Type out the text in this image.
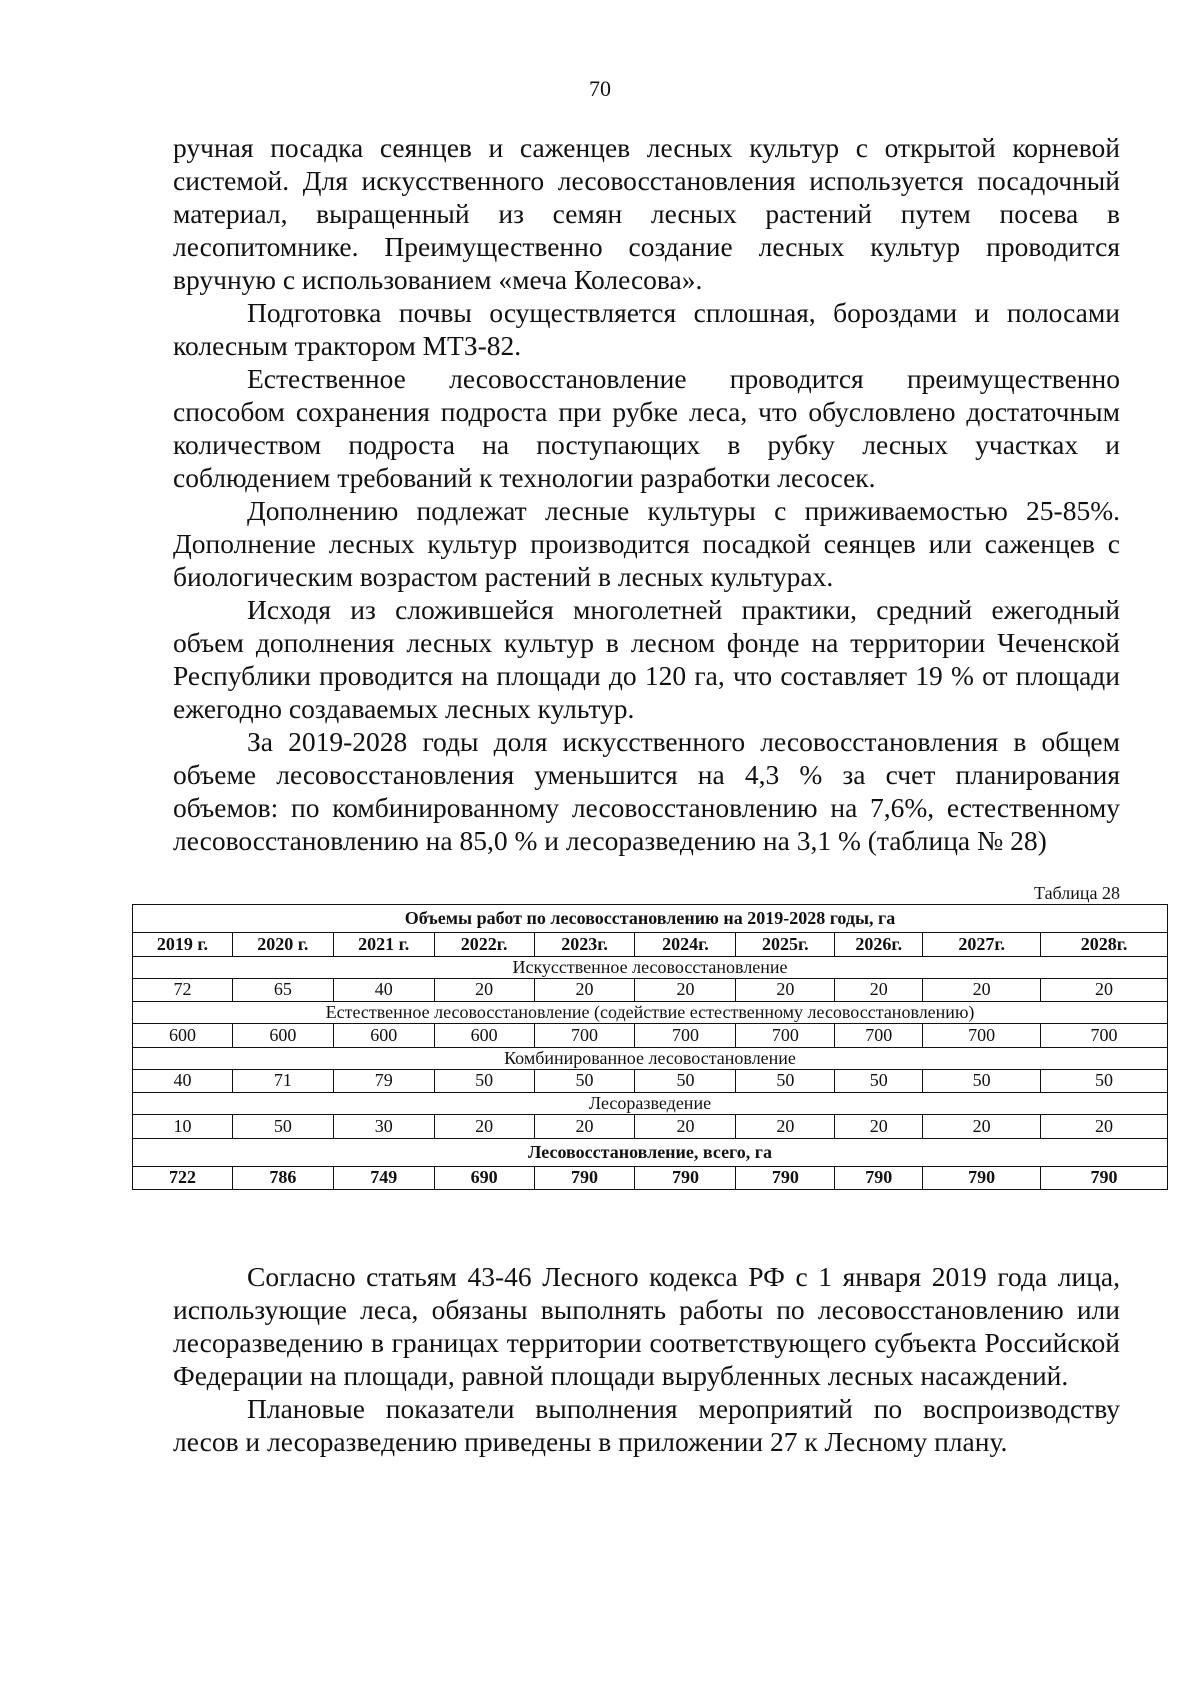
70

ручная посадка сеянцев и саженцев лесных культур с открытой корневой системой. Для искусственного лесовосстановления используется посадочный материал, выращенный из семян лесных растений путем посева в лесопитомнике. Преимущественно создание лесных культур проводится вручную с использованием «меча Колесова».

Подготовка почвы осуществляется сплошная, бороздами и полосами колесным трактором МТЗ-82.

Естественное лесовосстановление проводится преимущественно способом сохранения подроста при рубке леса, что обусловлено достаточным количеством подроста на поступающих в рубку лесных участках и соблюдением требований к технологии разработки лесосек.

Дополнению подлежат лесные культуры с приживаемостью 25-85%. Дополнение лесных культур производится посадкой сеянцев или саженцев с биологическим возрастом растений в лесных культурах.

Исходя из сложившейся многолетней практики, средний ежегодный объем дополнения лесных культур в лесном фонде на территории Чеченской Республики проводится на площади до 120 га, что составляет 19 % от площади ежегодно создаваемых лесных культур.

За 2019-2028 годы доля искусственного лесовосстановления в общем объеме лесовосстановления уменьшится на 4,3 % за счет планирования объемов: по комбинированному лесовосстановлению на 7,6%, естественному лесовосстановлению на 85,0 % и лесоразведению на 3,1 % (таблица № 28)

Таблица 28
Объемы работ по лесовосстановлению на 2019-2028 годы, га									
2019 г.	2020 г.	2021 г.	2022г.	2023г.	2024г.	2025г.	2026г.	2027г.	2028г.
Искусственное лесовосстановление									
72	65	40	20	20	20	20	20	20	20
Естественное лесовосстановление (содействие естественному лесовосстановлению)									
600	600	600	600	700	700	700	700	700	700
Комбинированное лесовостановление									
40	71	79	50	50	50	50	50	50	50
Лесоразведение									
10	50	30	20	20	20	20	20	20	20
Лесовосстановление, всего, га									
722	786	749	690	790	790	790	790	790	790

Согласно статьям 43-46 Лесного кодекса РФ с 1 января 2019 года лица, использующие леса, обязаны выполнять работы по лесовосстановлению или лесоразведению в границах территории соответствующего субъекта Российской Федерации на площади, равной площади вырубленных лесных насаждений.

Плановые показатели выполнения мероприятий по воспроизводству лесов и лесоразведению приведены в приложении 27 к Лесному плану.
